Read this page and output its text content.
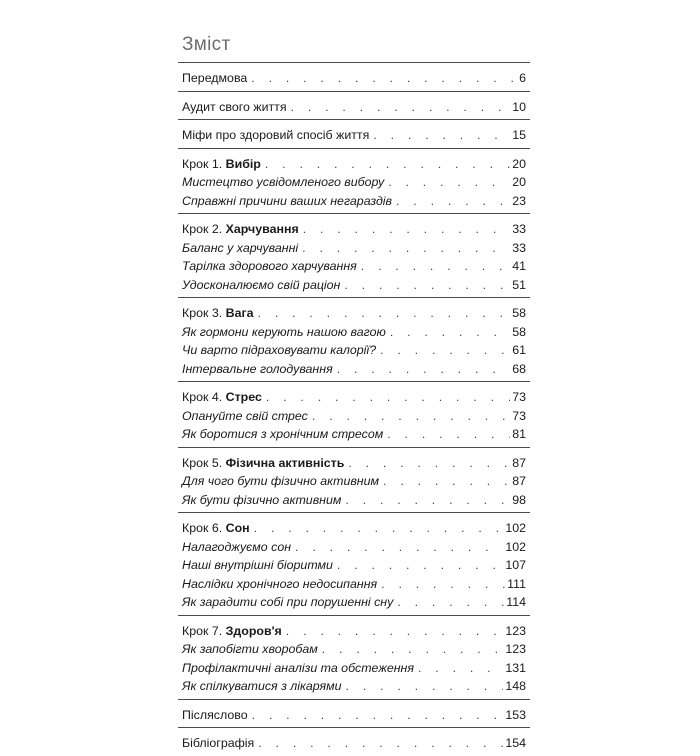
Зміст
Передмова . . .	6
Аудит свого життя . . .	10
Міфи про здоровий спосіб життя . . .	15
Крок 1. Вибір . . .	20
Мистецтво усвідомленого вибору . . .	20
Справжні причини ваших негараздів . . .	23
Крок 2. Харчування . . .	33
Баланс у харчуванні . . .	33
Тарілка здорового харчування . . .	41
Удосконалюємо свій раціон . . .	51
Крок 3. Вага . . .	58
Як гормони керують нашою вагою . . .	58
Чи варто підраховувати калорії? . . .	61
Інтервальне голодування . . .	68
Крок 4. Стрес . . .	73
Опануйте свій стрес . . .	73
Як боротися з хронічним стресом . . .	81
Крок 5. Фізична активність . . .	87
Для чого бути фізично активним . . .	87
Як бути фізично активним . . .	98
Крок 6. Сон . . .	102
Налагоджуємо сон . . .	102
Наші внутрішні біоритми . . .	107
Наслідки хронічного недосипання . . .	111
Як зарадити собі при порушенні сну . . .	114
Крок 7. Здоров'я . . .	123
Як запобігти хворобам . . .	123
Профілактичні аналізи та обстеження . . .	131
Як спілкуватися з лікарями . . .	148
Післяслово . . .	153
Бібліографія . . .	154
